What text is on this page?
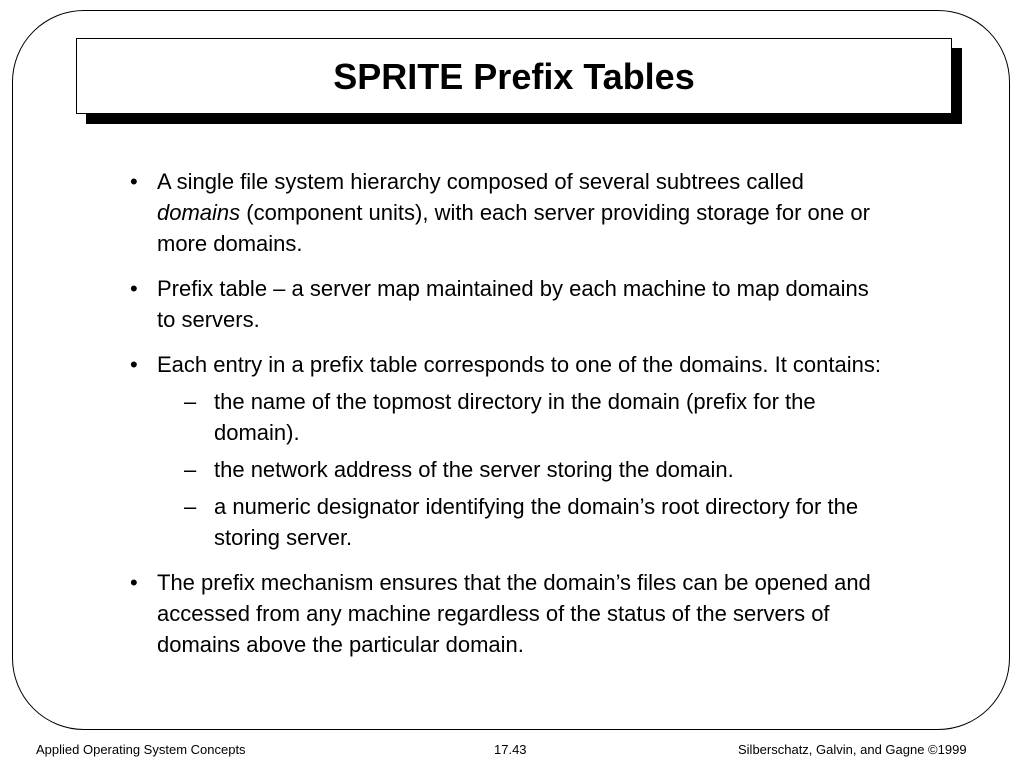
SPRITE Prefix Tables
• A single file system hierarchy composed of several subtrees called domains (component units), with each server providing storage for one or more domains.
• Prefix table – a server map maintained by each machine to map domains to servers.
• Each entry in a prefix table corresponds to one of the domains. It contains:
– the name of the topmost directory in the domain (prefix for the domain).
– the network address of the server storing the domain.
– a numeric designator identifying the domain’s root directory for the storing server.
• The prefix mechanism ensures that the domain’s files can be opened and accessed from any machine regardless of the status of the servers of domains above the particular domain.
Applied Operating System Concepts	17.43	Silberschatz, Galvin, and Gagne ©1999
